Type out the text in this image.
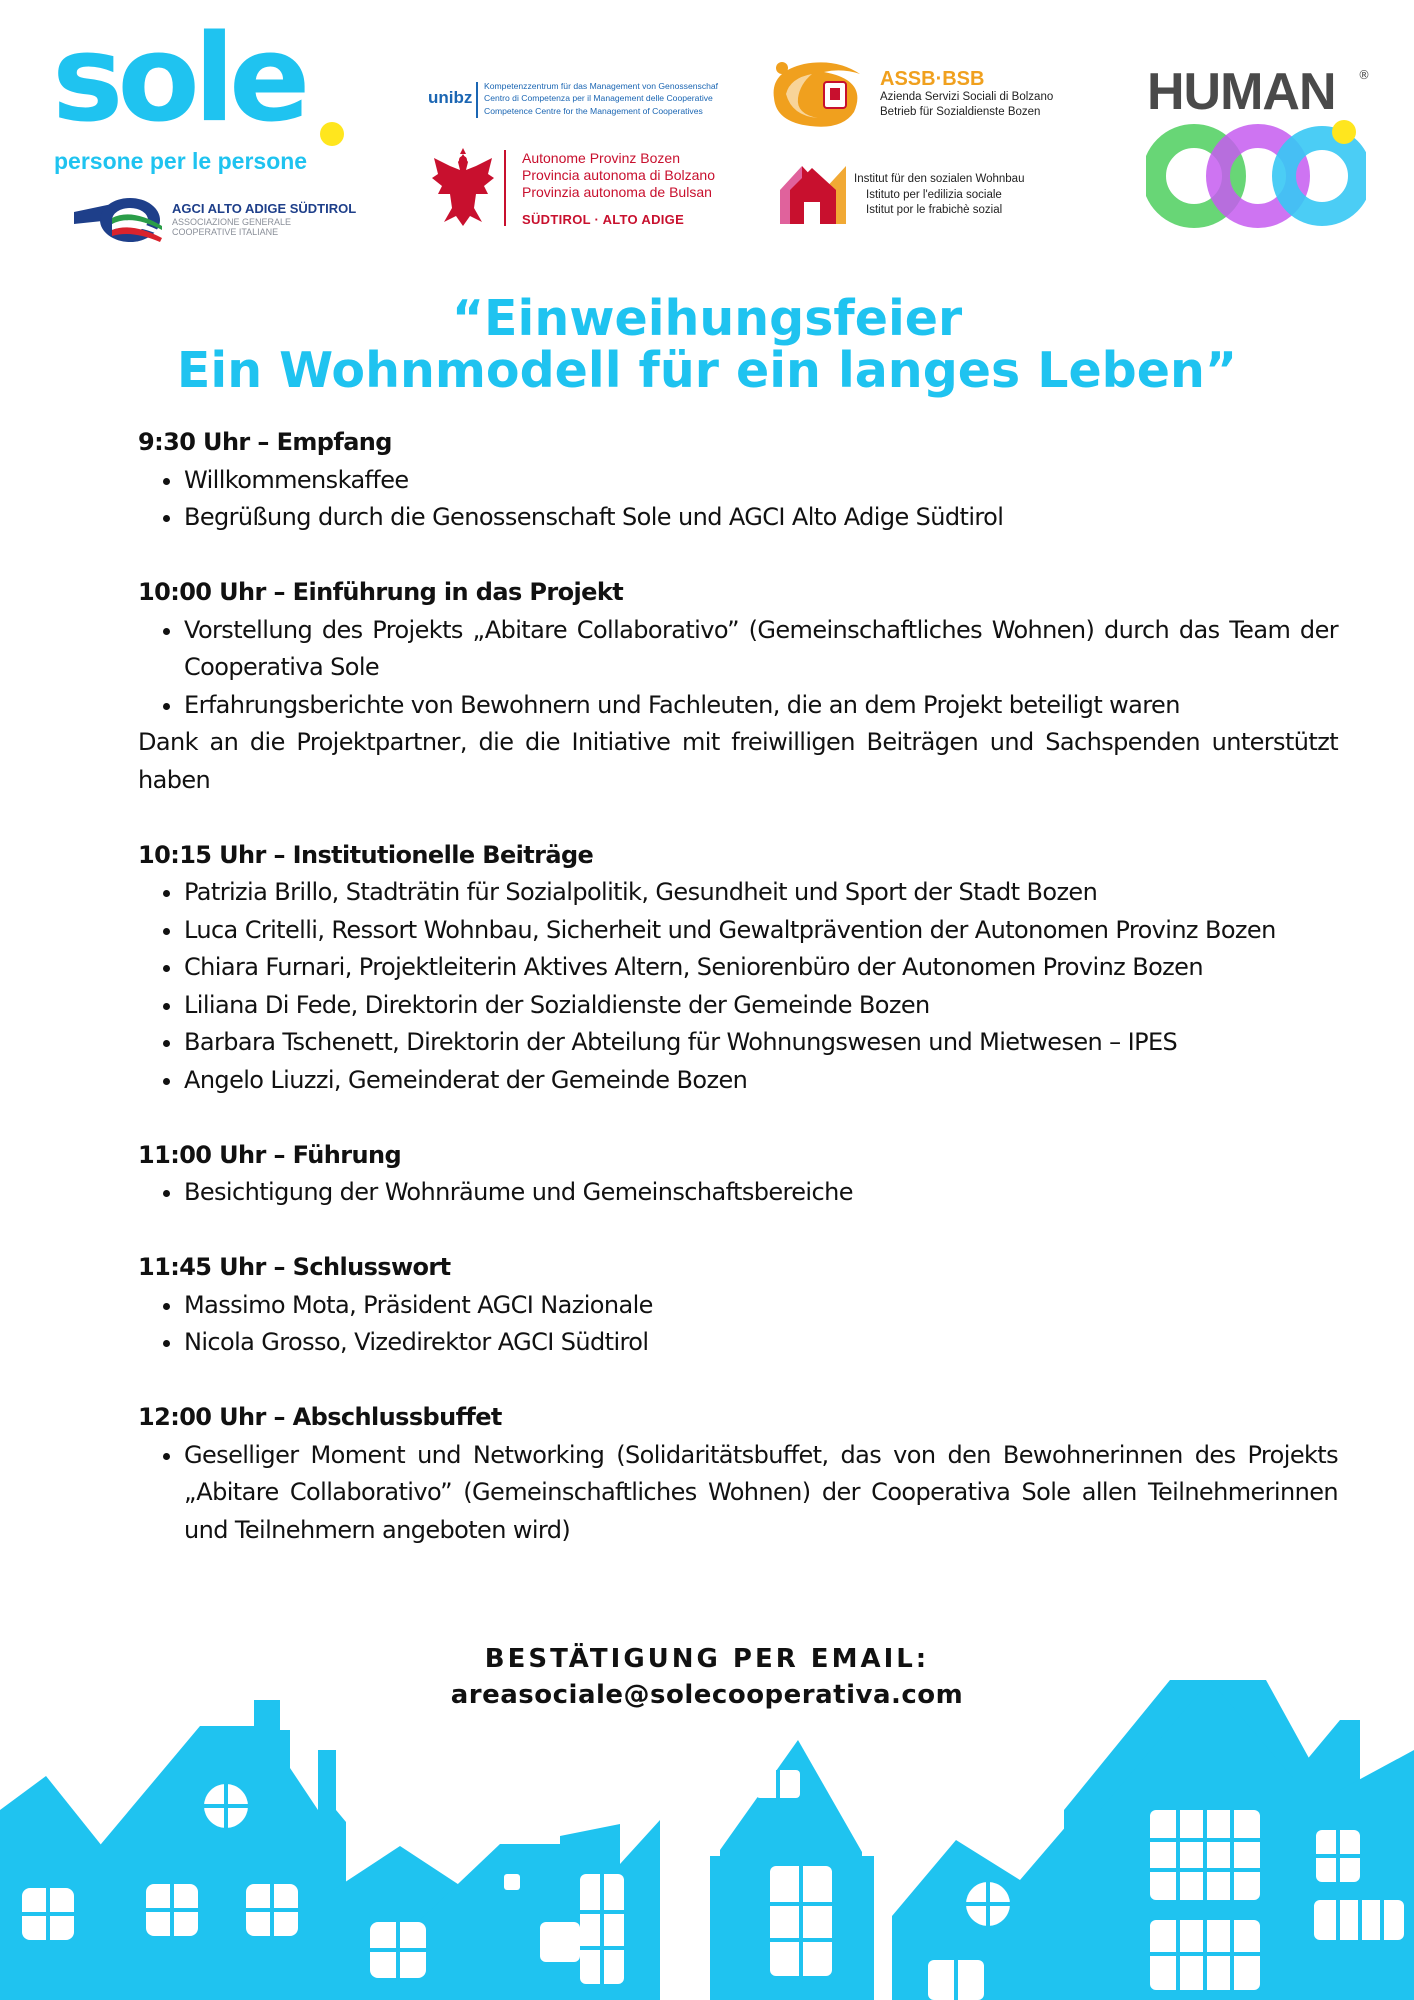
sole
persone per le persone
AGCI ALTO ADIGE SÜDTIROL
ASSOCIAZIONE GENERALE
COOPERATIVE ITALIANE
unibz
Kompetenzzentrum für das Management von Genossenschaf
Centro di Competenza per il Management delle Cooperative
Competence Centre for the Management of Cooperatives
ASSB·BSB
Azienda Servizi Sociali di Bolzano
Betrieb für Sozialdienste Bozen
Autonome Provinz Bozen
Provincia autonoma di Bolzano
Provinzia autonoma de Bulsan
SÜDTIROL · ALTO ADIGE
Institut für den sozialen Wohnbau
Istituto per l'edilizia sociale
Istitut por le frabichè sozial
HUMAN ®
“Einweihungsfeier
Ein Wohnmodell für ein langes Leben”
9:30 Uhr – Empfang
• Willkommenskaffee
• Begrüßung durch die Genossenschaft Sole und AGCI Alto Adige Südtirol
10:00 Uhr – Einführung in das Projekt
• Vorstellung des Projekts „Abitare Collaborativo” (Gemeinschaftliches Wohnen) durch das Team der Cooperativa Sole
• Erfahrungsberichte von Bewohnern und Fachleuten, die an dem Projekt beteiligt waren

Dank an die Projektpartner, die die Initiative mit freiwilligen Beiträgen und Sachspenden unterstützt haben

10:15 Uhr – Institutionelle Beiträge
• Patrizia Brillo, Stadträtin für Sozialpolitik, Gesundheit und Sport der Stadt Bozen
• Luca Critelli, Ressort Wohnbau, Sicherheit und Gewaltprävention der Autonomen Provinz Bozen
• Chiara Furnari, Projektleiterin Aktives Altern, Seniorenbüro der Autonomen Provinz Bozen
• Liliana Di Fede, Direktorin der Sozialdienste der Gemeinde Bozen
• Barbara Tschenett, Direktorin der Abteilung für Wohnungswesen und Mietwesen – IPES
• Angelo Liuzzi, Gemeinderat der Gemeinde Bozen
11:00 Uhr – Führung
• Besichtigung der Wohnräume und Gemeinschaftsbereiche
11:45 Uhr – Schlusswort
• Massimo Mota, Präsident AGCI Nazionale
• Nicola Grosso, Vizedirektor AGCI Südtirol
12:00 Uhr – Abschlussbuffet
• Geselliger Moment und Networking (Solidaritätsbuffet, das von den Bewohnerinnen des Projekts „Abitare Collaborativo” (Gemeinschaftliches Wohnen) der Cooperativa Sole allen Teilnehmerinnen und Teilnehmern angeboten wird)
BESTÄTIGUNG PER EMAIL:
areasociale@solecooperativa.com
